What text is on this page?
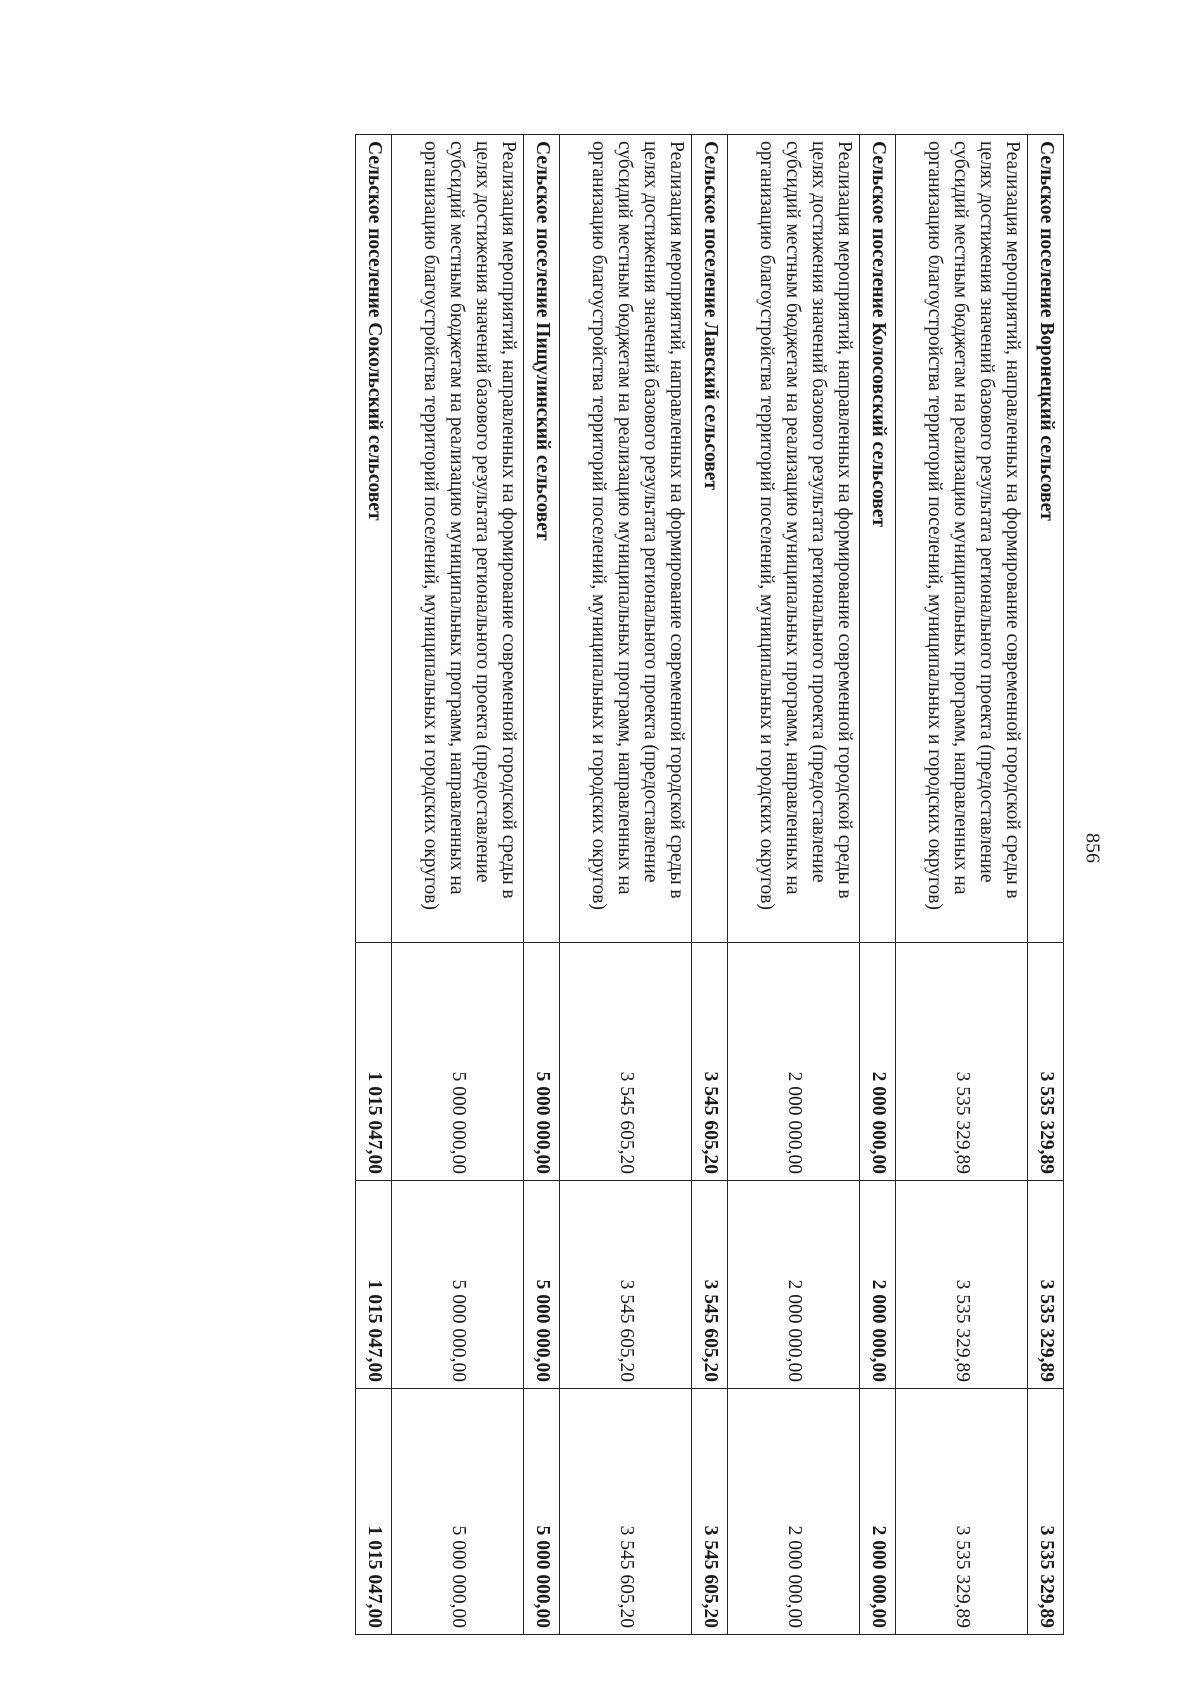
856
Сельское поселение Воронецкий сельсовет	3 535 329,89	3 535 329,89	3 535 329,89
Реализация мероприятий, направленных на формирование современной городской среды в целях достижения значений базового результата регионального проекта (предоставление субсидий местным бюджетам на реализацию муниципальных программ, направленных на организацию благоустройства территорий поселений, муниципальных и городских округов)	3 535 329,89	3 535 329,89	3 535 329,89
Сельское поселение Колосовский сельсовет	2 000 000,00	2 000 000,00	2 000 000,00
Реализация мероприятий, направленных на формирование современной городской среды в целях достижения значений базового результата регионального проекта (предоставление субсидий местным бюджетам на реализацию муниципальных программ, направленных на организацию благоустройства территорий поселений, муниципальных и городских округов)	2 000 000,00	2 000 000,00	2 000 000,00
Сельское поселение Лавский сельсовет	3 545 605,20	3 545 605,20	3 545 605,20
Реализация мероприятий, направленных на формирование современной городской среды в целях достижения значений базового результата регионального проекта (предоставление субсидий местным бюджетам на реализацию муниципальных программ, направленных на организацию благоустройства территорий поселений, муниципальных и городских округов)	3 545 605,20	3 545 605,20	3 545 605,20
Сельское поселение Пищулинский сельсовет	5 000 000,00	5 000 000,00	5 000 000,00
Реализация мероприятий, направленных на формирование современной городской среды в целях достижения значений базового результата регионального проекта (предоставление субсидий местным бюджетам на реализацию муниципальных программ, направленных на организацию благоустройства территорий поселений, муниципальных и городских округов)	5 000 000,00	5 000 000,00	5 000 000,00
Сельское поселение Сокольский сельсовет	1 015 047,00	1 015 047,00	1 015 047,00
